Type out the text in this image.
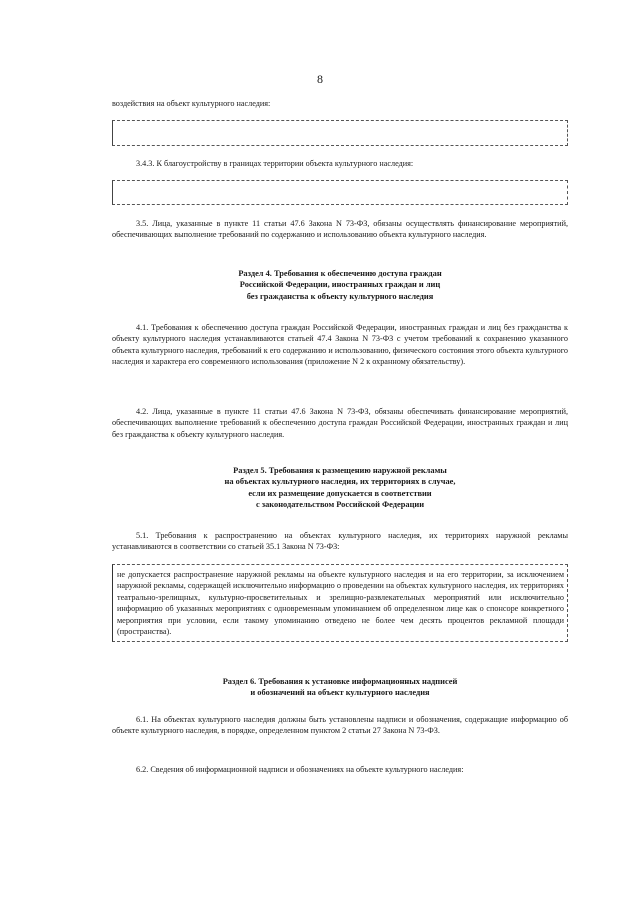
8
воздействия на объект культурного наследия:
3.4.3. К благоустройству в границах территории объекта культурного наследия:
3.5. Лица, указанные в пункте 11 статьи 47.6 Закона N 73-ФЗ, обязаны осуществлять финансирование мероприятий, обеспечивающих выполнение требований по содержанию и использованию объекта культурного наследия.
Раздел 4. Требования к обеспечению доступа граждан
Российской Федерации, иностранных граждан и лиц
без гражданства к объекту культурного наследия
4.1. Требования к обеспечению доступа граждан Российской Федерации, иностранных граждан и лиц без гражданства к объекту культурного наследия устанавливаются статьей 47.4 Закона N 73-ФЗ с учетом требований к сохранению указанного объекта культурного наследия, требований к его содержанию и использованию, физического состояния этого объекта культурного наследия и характера его современного использования (приложение N 2 к охранному обязательству).
4.2. Лица, указанные в пункте 11 статьи 47.6 Закона N 73-ФЗ, обязаны обеспечивать финансирование мероприятий, обеспечивающих выполнение требований к обеспечению доступа граждан Российской Федерации, иностранных граждан и лиц без гражданства к объекту культурного наследия.
Раздел 5. Требования к размещению наружной рекламы
на объектах культурного наследия, их территориях в случае,
если их размещение допускается в соответствии
с законодательством Российской Федерации
5.1. Требования к распространению на объектах культурного наследия, их территориях наружной рекламы устанавливаются в соответствии со статьей 35.1 Закона N 73-ФЗ:
не допускается распространение наружной рекламы на объекте культурного наследия и на его территории, за исключением наружной рекламы, содержащей исключительно информацию о проведении на объектах культурного наследия, их территориях театрально-зрелищных, культурно-просветительных и зрелищно-развлекательных мероприятий или исключительно информацию об указанных мероприятиях с одновременным упоминанием об определенном лице как о спонсоре конкретного мероприятия при условии, если такому упоминанию отведено не более чем десять процентов рекламной площади (пространства).
Раздел 6. Требования к установке информационных надписей
и обозначений на объект культурного наследия
6.1. На объектах культурного наследия должны быть установлены надписи и обозначения, содержащие информацию об объекте культурного наследия, в порядке, определенном пунктом 2 статьи 27 Закона N 73-ФЗ.
6.2. Сведения об информационной надписи и обозначениях на объекте культурного наследия:
